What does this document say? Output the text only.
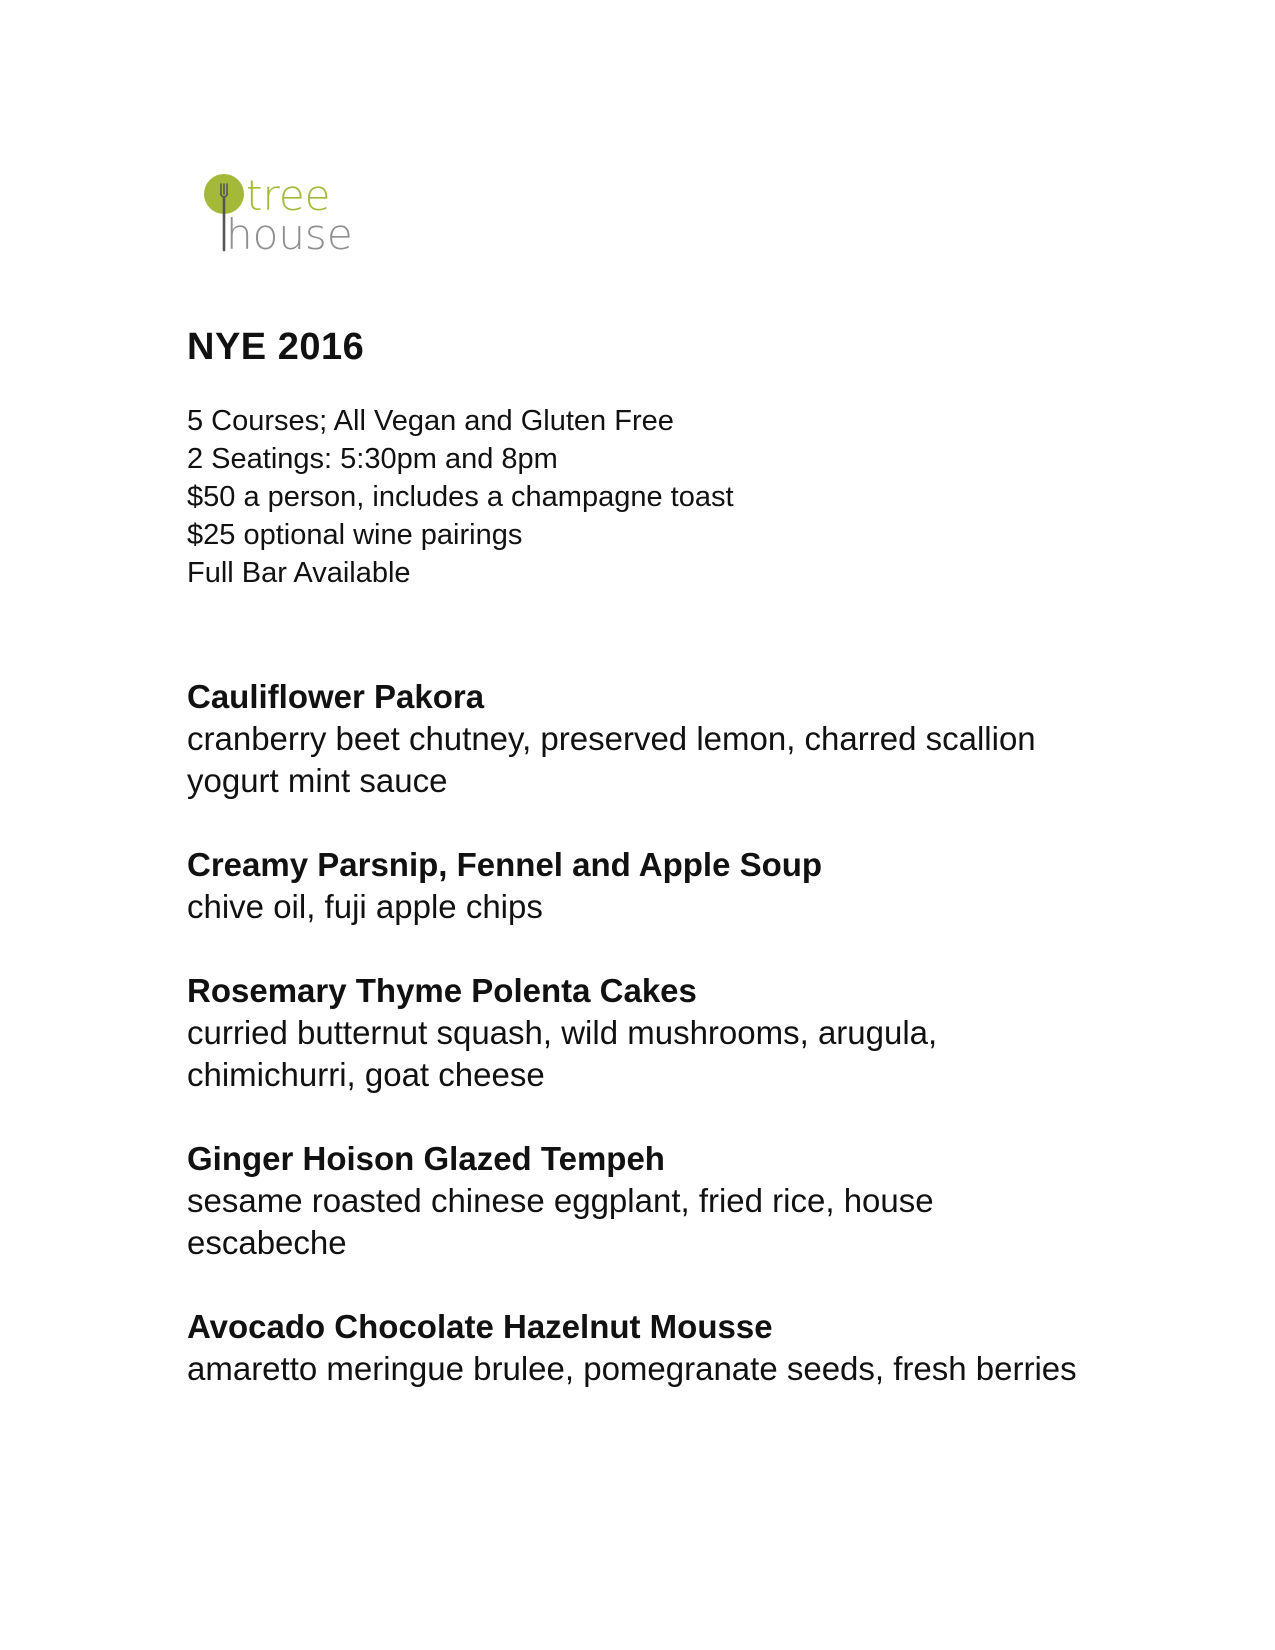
tree
house
NYE 2016
5 Courses; All Vegan and Gluten Free
2 Seatings: 5:30pm and 8pm
$50 a person, includes a champagne toast
$25 optional wine pairings
Full Bar Available
Cauliflower Pakora
cranberry beet chutney, preserved lemon, charred scallion yogurt mint sauce
Creamy Parsnip, Fennel and Apple Soup
chive oil, fuji apple chips
Rosemary Thyme Polenta Cakes
curried butternut squash, wild mushrooms, arugula, chimichurri, goat cheese
Ginger Hoison Glazed Tempeh
sesame roasted chinese eggplant, fried rice, house escabeche
Avocado Chocolate Hazelnut Mousse
amaretto meringue brulee, pomegranate seeds, fresh berries
